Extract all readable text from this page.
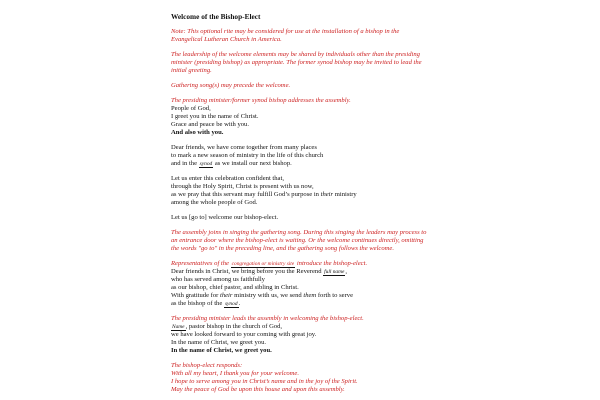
Welcome of the Bishop-Elect
Note: This optional rite may be considered for use at the installation of a bishop in the
Evangelical Lutheran Church in America.
The leadership of the welcome elements may be shared by individuals other than the presiding
minister (presiding bishop) as appropriate. The former synod bishop may be invited to lead the
initial greeting.
Gathering song(s) may precede the welcome.
The presiding minister/former synod bishop addresses the assembly.
People of God,
I greet you in the name of Christ.
Grace and peace be with you.
And also with you.
Dear friends, we have come together from many places
to mark a new season of ministry in the life of this church
and in the synod as we install our next bishop.
Let us enter this celebration confident that,
through the Holy Spirit, Christ is present with us now,
as we pray that this servant may fulfill God’s purpose in their ministry
among the whole people of God.
Let us [go to] welcome our bishop-elect.
The assembly joins in singing the gathering song. During this singing the leaders may process to
an entrance door where the bishop-elect is waiting. Or the welcome continues directly, omitting
the words "go to" in the preceding line, and the gathering song follows the welcome.
Representatives of the congregation or ministry site introduce the bishop-elect.
Dear friends in Christ, we bring before you the Reverend full name,
who has served among us faithfully
as our bishop, chief pastor, and sibling in Christ.
With gratitude for their ministry with us, we send them forth to serve
as the bishop of the synod.
The presiding minister leads the assembly in welcoming the bishop-elect.
Name, pastor bishop in the church of God,
we have looked forward to your coming with great joy.
In the name of Christ, we greet you.
In the name of Christ, we greet you.
The bishop-elect responds:
With all my heart, I thank you for your welcome.
I hope to serve among you in Christ’s name and in the joy of the Spirit.
May the peace of God be upon this house and upon this assembly.
